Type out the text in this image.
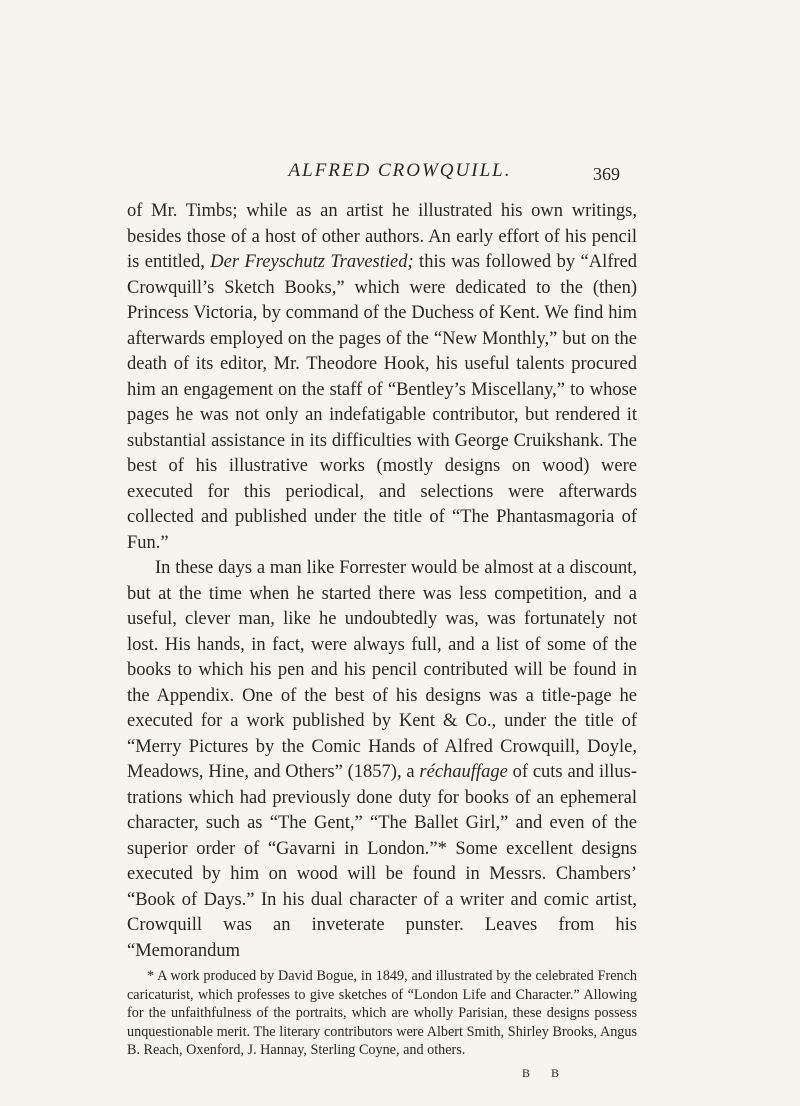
ALFRED CROWQUILL.	369

of Mr. Timbs; while as an artist he illustrated his own writings, besides those of a host of other authors. An early effort of his pencil is entitled, Der Freyschutz Travestied; this was followed by “Alfred Crowquill’s Sketch Books,” which were dedicated to the (then) Princess Victoria, by command of the Duchess of Kent. We find him afterwards employed on the pages of the “New Monthly,” but on the death of its editor, Mr. Theodore Hook, his useful talents procured him an engagement on the staff of “Bentley’s Miscellany,” to whose pages he was not only an indefatigable contributor, but rendered it substantial assistance in its difficulties with George Cruikshank. The best of his illustrative works (mostly designs on wood) were executed for this periodical, and selections were afterwards collected and published under the title of “The Phantasmagoria of Fun.”

In these days a man like Forrester would be almost at a discount, but at the time when he started there was less competition, and a useful, clever man, like he undoubtedly was, was fortunately not lost. His hands, in fact, were always full, and a list of some of the books to which his pen and his pencil contributed will be found in the Appendix. One of the best of his designs was a title-page he executed for a work published by Kent & Co., under the title of “Merry Pictures by the Comic Hands of Alfred Crowquill, Doyle, Meadows, Hine, and Others” (1857), a réchauffage of cuts and illustrations which had previously done duty for books of an ephemeral character, such as “The Gent,” “The Ballet Girl,” and even of the superior order of “Gavarni in London.”* Some excellent designs executed by him on wood will be found in Messrs. Chambers’ “Book of Days.” In his dual character of a writer and comic artist, Crowquill was an inveterate punster. Leaves from his “Memorandum

* A work produced by David Bogue, in 1849, and illustrated by the celebrated French caricaturist, which professes to give sketches of “London Life and Character.” Allowing for the unfaithfulness of the portraits, which are wholly Parisian, these designs possess unquestionable merit. The literary contributors were Albert Smith, Shirley Brooks, Angus B. Reach, Oxenford, J. Hannay, Sterling Coyne, and others.

B B
